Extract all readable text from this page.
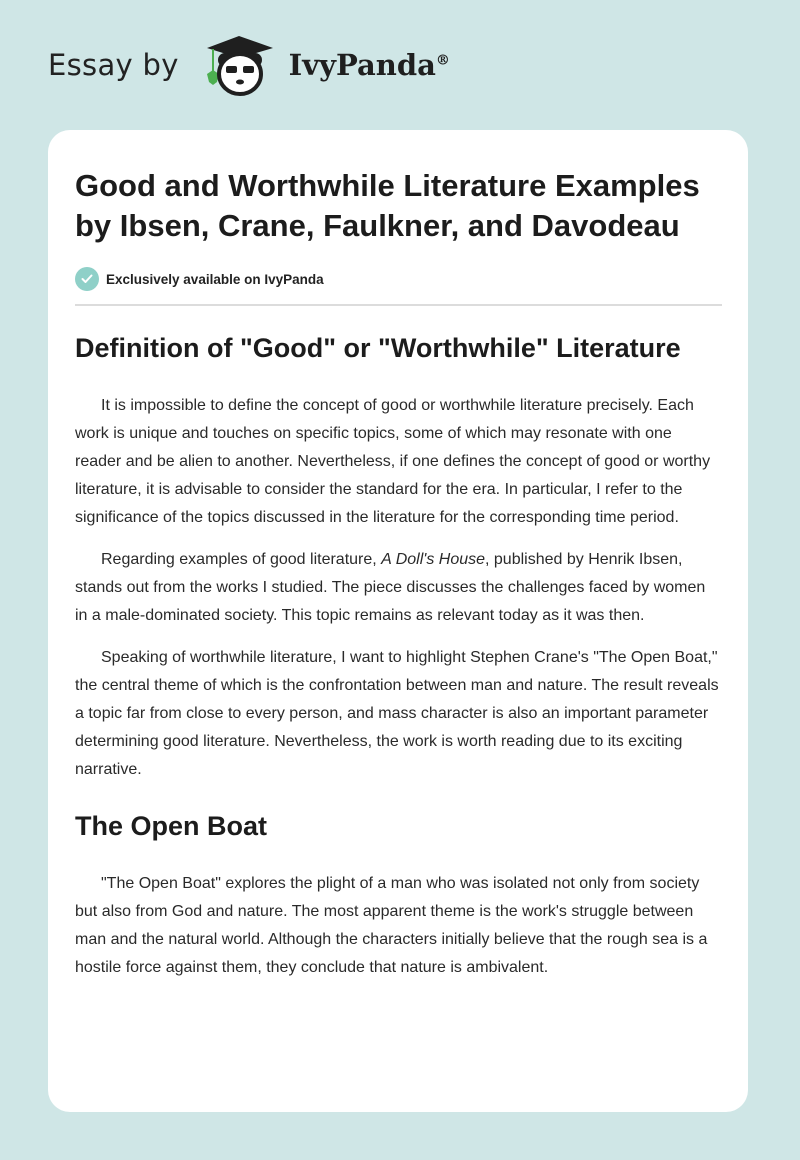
Essay by	IvyPanda®
Good and Worthwhile Literature Examples by Ibsen, Crane, Faulkner, and Davodeau
Exclusively available on IvyPanda
Definition of "Good" or "Worthwhile" Literature

It is impossible to define the concept of good or worthwhile literature precisely. Each work is unique and touches on specific topics, some of which may resonate with one reader and be alien to another. Nevertheless, if one defines the concept of good or worthy literature, it is advisable to consider the standard for the era. In particular, I refer to the significance of the topics discussed in the literature for the corresponding time period.

Regarding examples of good literature, A Doll's House, published by Henrik Ibsen, stands out from the works I studied. The piece discusses the challenges faced by women in a male-dominated society. This topic remains as relevant today as it was then.

Speaking of worthwhile literature, I want to highlight Stephen Crane's "The Open Boat," the central theme of which is the confrontation between man and nature. The result reveals a topic far from close to every person, and mass character is also an important parameter determining good literature. Nevertheless, the work is worth reading due to its exciting narrative.

The Open Boat

"The Open Boat" explores the plight of a man who was isolated not only from society but also from God and nature. The most apparent theme is the work's struggle between man and the natural world. Although the characters initially believe that the rough sea is a hostile force against them, they conclude that nature is ambivalent.
